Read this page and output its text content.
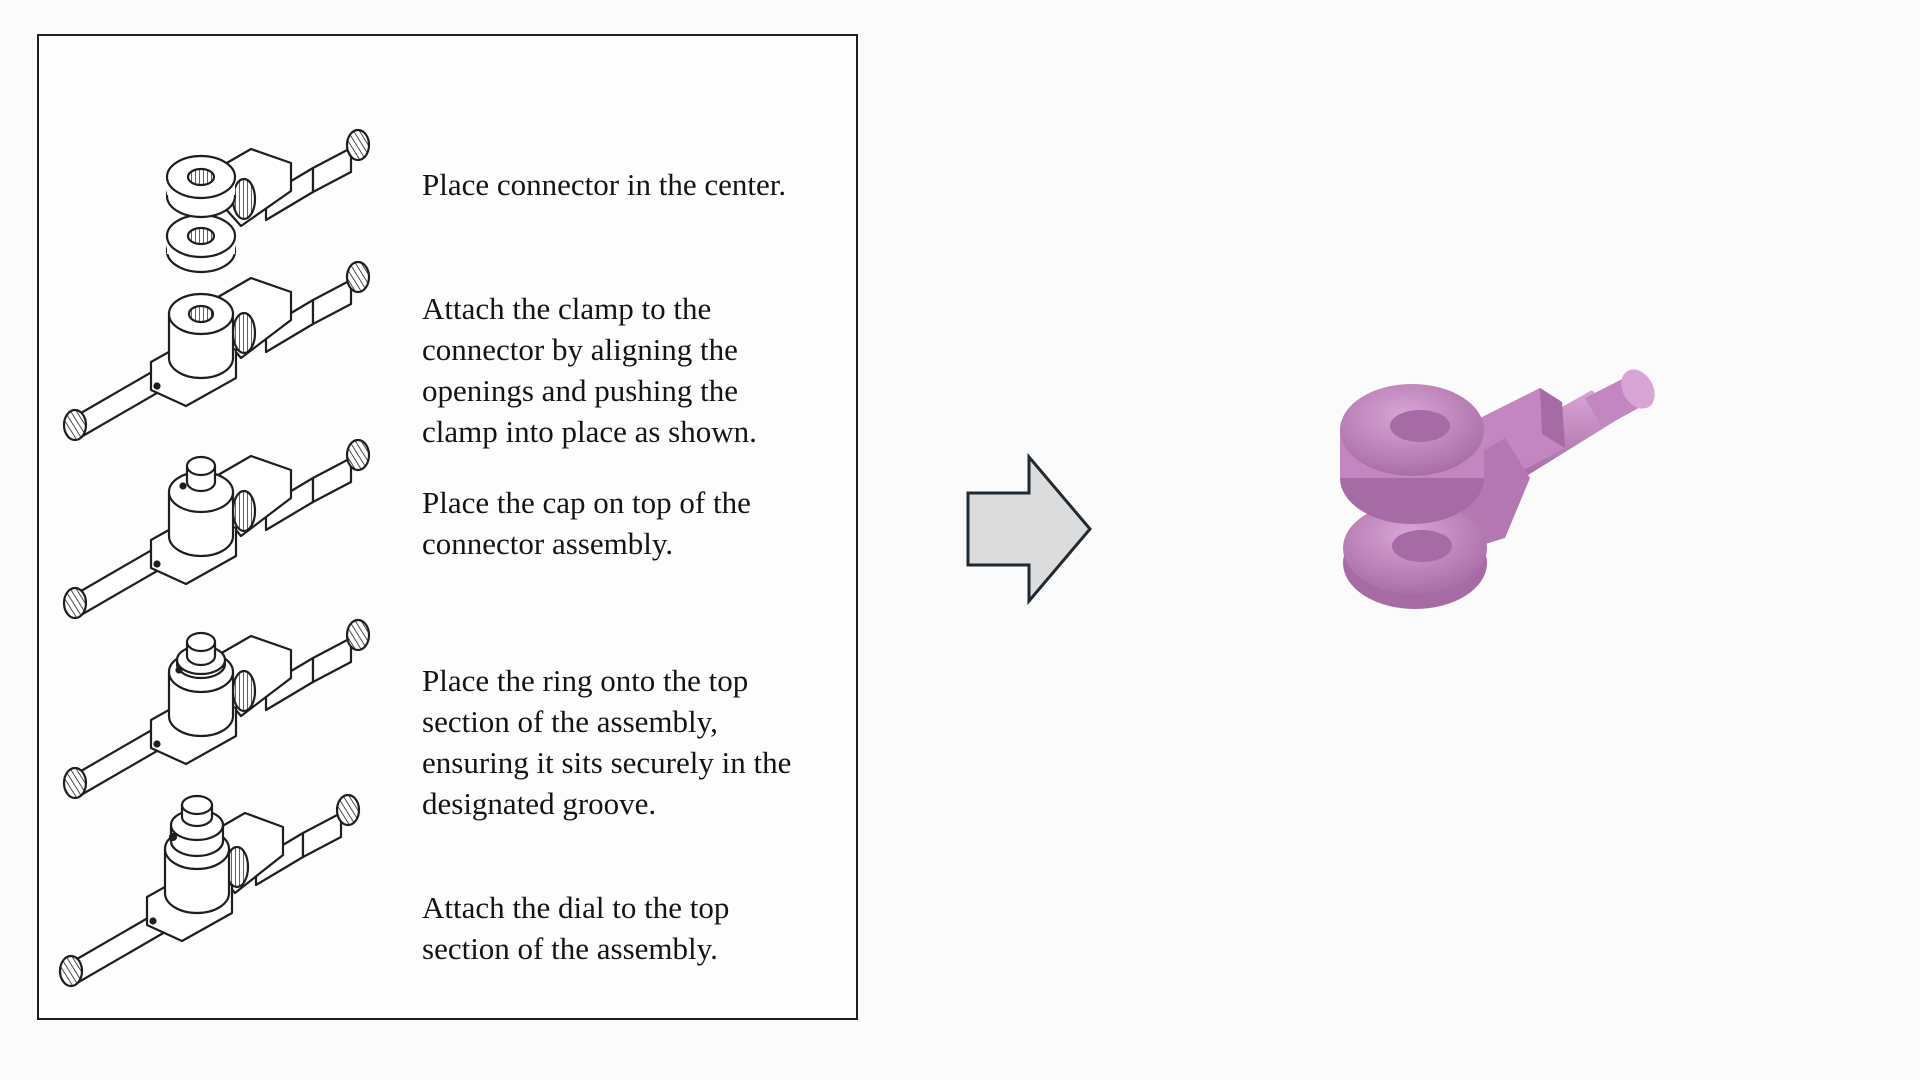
Place connector in the center.
Attach the clamp to the
connector by aligning the
openings and pushing the
clamp into place as shown.
Place the cap on top of the
connector assembly.
Place the ring onto the top
section of the assembly,
ensuring it sits securely in the
designated groove.
Attach the dial to the top
section of the assembly.
